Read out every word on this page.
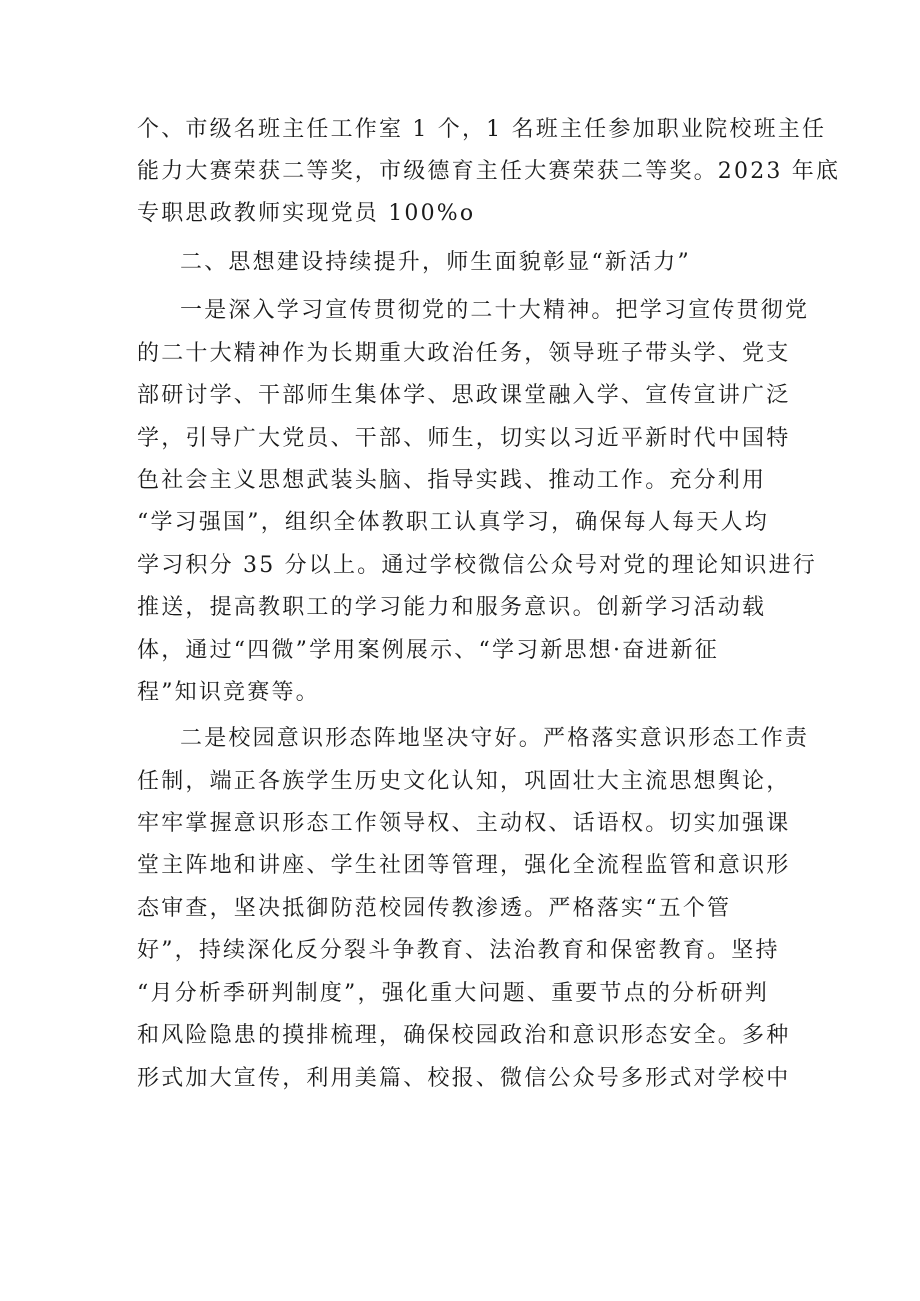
个、市级名班主任工作室 1 个，1 名班主任参加职业院校班主任
能力大赛荣获二等奖，市级德育主任大赛荣获二等奖。2023 年底
专职思政教师实现党员 100%o
二、思想建设持续提升，师生面貌彰显“新活力”
一是深入学习宣传贯彻党的二十大精神。把学习宣传贯彻党
的二十大精神作为长期重大政治任务，领导班子带头学、党支
部研讨学、干部师生集体学、思政课堂融入学、宣传宣讲广泛
学，引导广大党员、干部、师生，切实以习近平新时代中国特
色社会主义思想武装头脑、指导实践、推动工作。充分利用
“学习强国”，组织全体教职工认真学习，确保每人每天人均
学习积分 35 分以上。通过学校微信公众号对党的理论知识进行
推送，提高教职工的学习能力和服务意识。创新学习活动载
体，通过“四微”学用案例展示、“学习新思想·奋进新征
程”知识竞赛等。
二是校园意识形态阵地坚决守好。严格落实意识形态工作责
任制，端正各族学生历史文化认知，巩固壮大主流思想舆论，
牢牢掌握意识形态工作领导权、主动权、话语权。切实加强课
堂主阵地和讲座、学生社团等管理，强化全流程监管和意识形
态审查，坚决抵御防范校园传教渗透。严格落实“五个管
好”，持续深化反分裂斗争教育、法治教育和保密教育。坚持
“月分析季研判制度”，强化重大问题、重要节点的分析研判
和风险隐患的摸排梳理，确保校园政治和意识形态安全。多种
形式加大宣传，利用美篇、校报、微信公众号多形式对学校中
